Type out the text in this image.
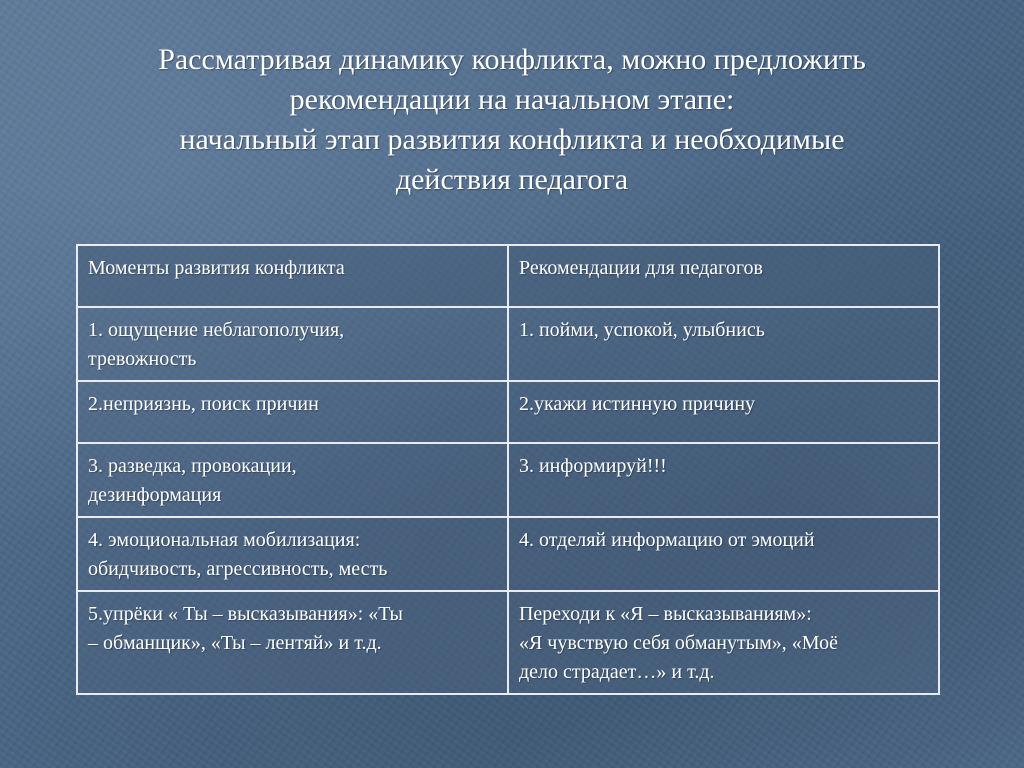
Рассматривая динамику конфликта, можно предложить
рекомендации на начальном этапе:
начальный этап развития конфликта и необходимые
действия педагога
Моменты развития конфликта	Рекомендации для педагогов

1. ощущение неблагополучия,
тревожность	1. пойми, успокой, улыбнись

2.неприязнь, поиск причин	2.укажи истинную причину

3. разведка, провокации,
дезинформация	3. информируй!!!

4. эмоциональная мобилизация:
обидчивость, агрессивность, месть	4. отделяй информацию от эмоций

5.упрёки « Ты – высказывания»: «Ты
– обманщик», «Ты – лентяй» и т.д.	Переходи к «Я – высказываниям»:
«Я чувствую себя обманутым», «Моё
дело страдает…» и т.д.
